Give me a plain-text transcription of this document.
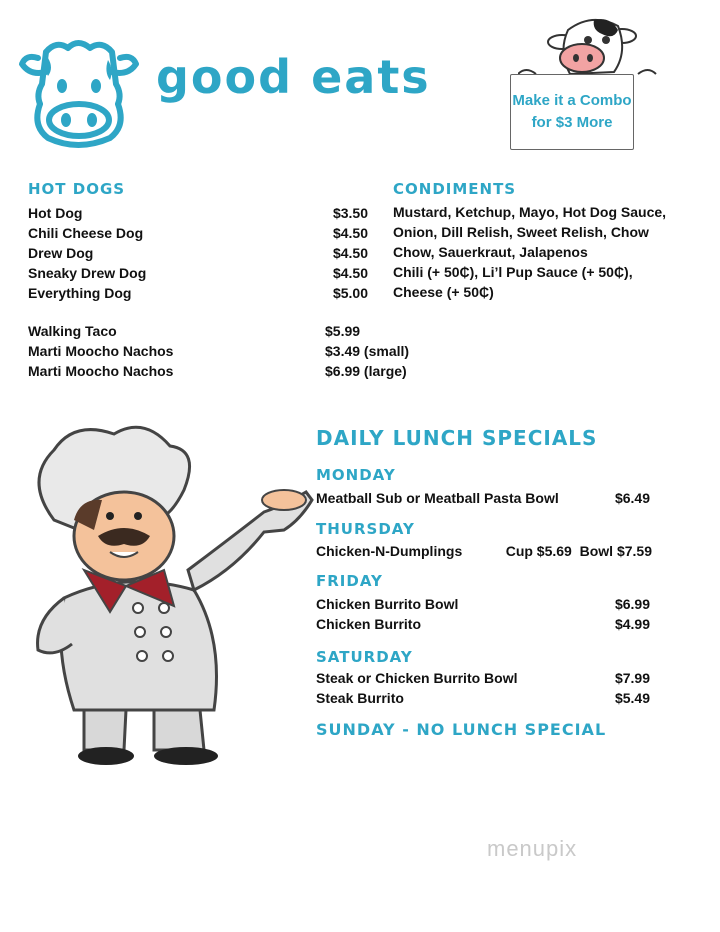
good eats	Make it a Combo
for $3 More
HOT DOGS
Hot Dog	$3.50
Chili Cheese Dog	$4.50
Drew Dog	$4.50
Sneaky Drew Dog	$4.50
Everything Dog	$5.00
Walking Taco	$5.99
Marti Moocho Nachos	$3.49 (small)
Marti Moocho Nachos	$6.99 (large)
CONDIMENTS
Mustard, Ketchup, Mayo, Hot Dog Sauce,
Onion, Dill Relish, Sweet Relish, Chow
Chow, Sauerkraut, Jalapenos
Chili (+ 50₵), Li’l Pup Sauce (+ 50₵),
Cheese (+ 50₵)
DAILY LUNCH SPECIALS
MONDAY
Meatball Sub or Meatball Pasta Bowl	$6.49
THURSDAY
Chicken-N-Dumplings	Cup $5.69  Bowl $7.59
FRIDAY
Chicken Burrito Bowl	$6.99
Chicken Burrito	$4.99
SATURDAY
Steak or Chicken Burrito Bowl	$7.99
Steak Burrito	$5.49
SUNDAY - NO LUNCH SPECIAL
menupix
